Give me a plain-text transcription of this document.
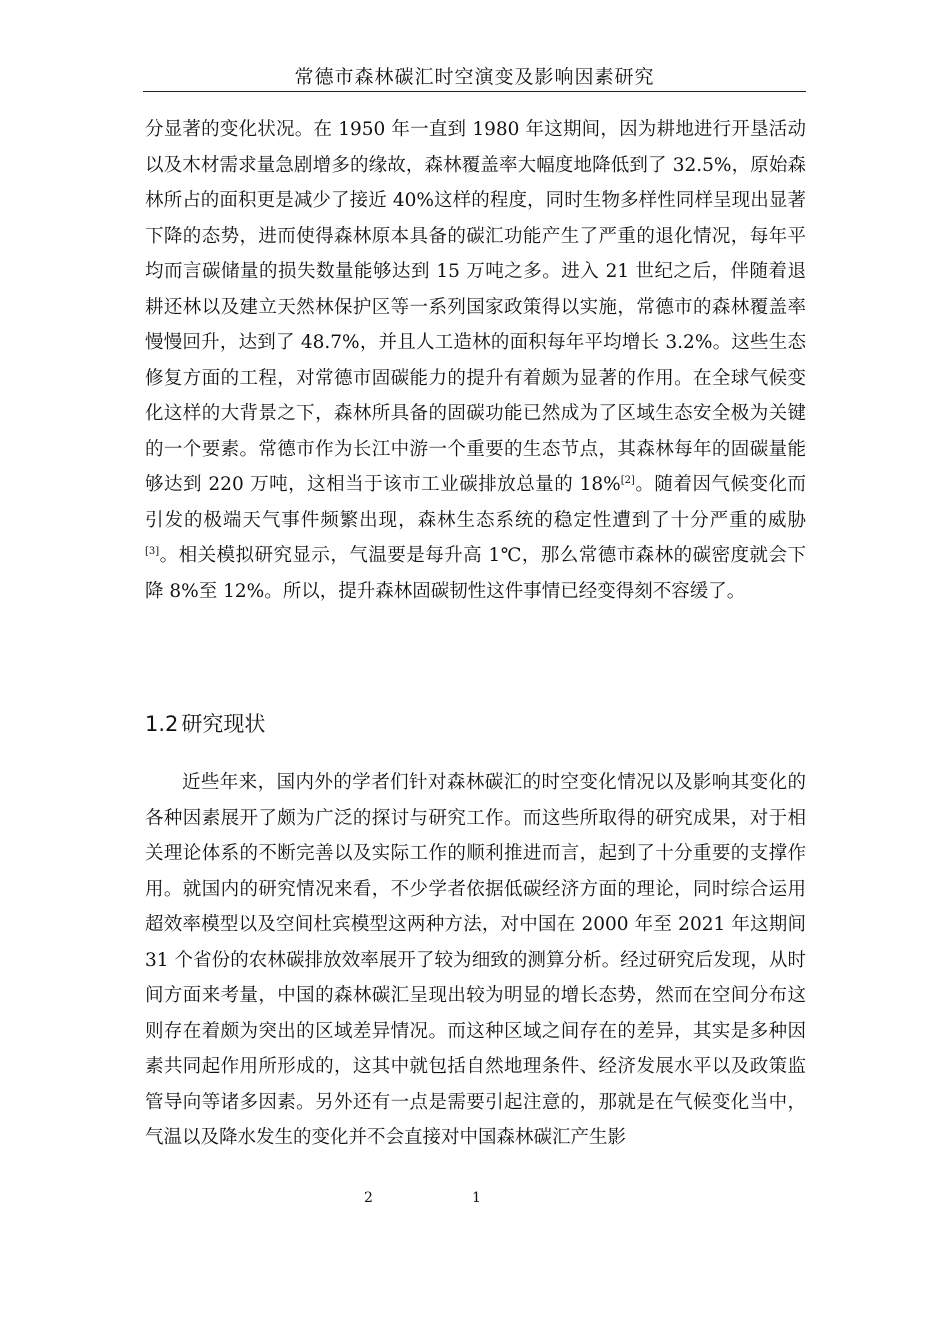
常德市森林碳汇时空演变及影响因素研究

分显著的变化状况。在 1950 年一直到 1980 年这期间，因为耕地进行开垦活动以及木材需求量急剧增多的缘故，森林覆盖率大幅度地降低到了 32.5%，原始森林所占的面积更是减少了接近 40%这样的程度，同时生物多样性同样呈现出显著下降的态势，进而使得森林原本具备的碳汇功能产生了严重的退化情况，每年平均而言碳储量的损失数量能够达到 15 万吨之多。进入 21 世纪之后，伴随着退耕还林以及建立天然林保护区等一系列国家政策得以实施，常德市的森林覆盖率慢慢回升，达到了 48.7%，并且人工造林的面积每年平均增长 3.2%。这些生态修复方面的工程，对常德市固碳能力的提升有着颇为显著的作用。在全球气候变化这样的大背景之下，森林所具备的固碳功能已然成为了区域生态安全极为关键的一个要素。常德市作为长江中游一个重要的生态节点，其森林每年的固碳量能够达到 220 万吨，这相当于该市工业碳排放总量的 18%[2]。随着因气候变化而引发的极端天气事件频繁出现，森林生态系统的稳定性遭到了十分严重的威胁[3]。相关模拟研究显示，气温要是每升高 1℃，那么常德市森林的碳密度就会下降 8%至 12%。所以，提升森林固碳韧性这件事情已经变得刻不容缓了。

1.2 研究现状

近些年来，国内外的学者们针对森林碳汇的时空变化情况以及影响其变化的各种因素展开了颇为广泛的探讨与研究工作。而这些所取得的研究成果，对于相关理论体系的不断完善以及实际工作的顺利推进而言，起到了十分重要的支撑作用。就国内的研究情况来看，不少学者依据低碳经济方面的理论，同时综合运用超效率模型以及空间杜宾模型这两种方法，对中国在 2000 年至 2021 年这期间 31 个省份的农林碳排放效率展开了较为细致的测算分析。经过研究后发现，从时间方面来考量，中国的森林碳汇呈现出较为明显的增长态势，然而在空间分布这则存在着颇为突出的区域差异情况。而这种区域之间存在的差异，其实是多种因素共同起作用所形成的，这其中就包括自然地理条件、经济发展水平以及政策监管导向等诸多因素。另外还有一点是需要引起注意的，那就是在气候变化当中，气温以及降水发生的变化并不会直接对中国森林碳汇产生影

2	1
